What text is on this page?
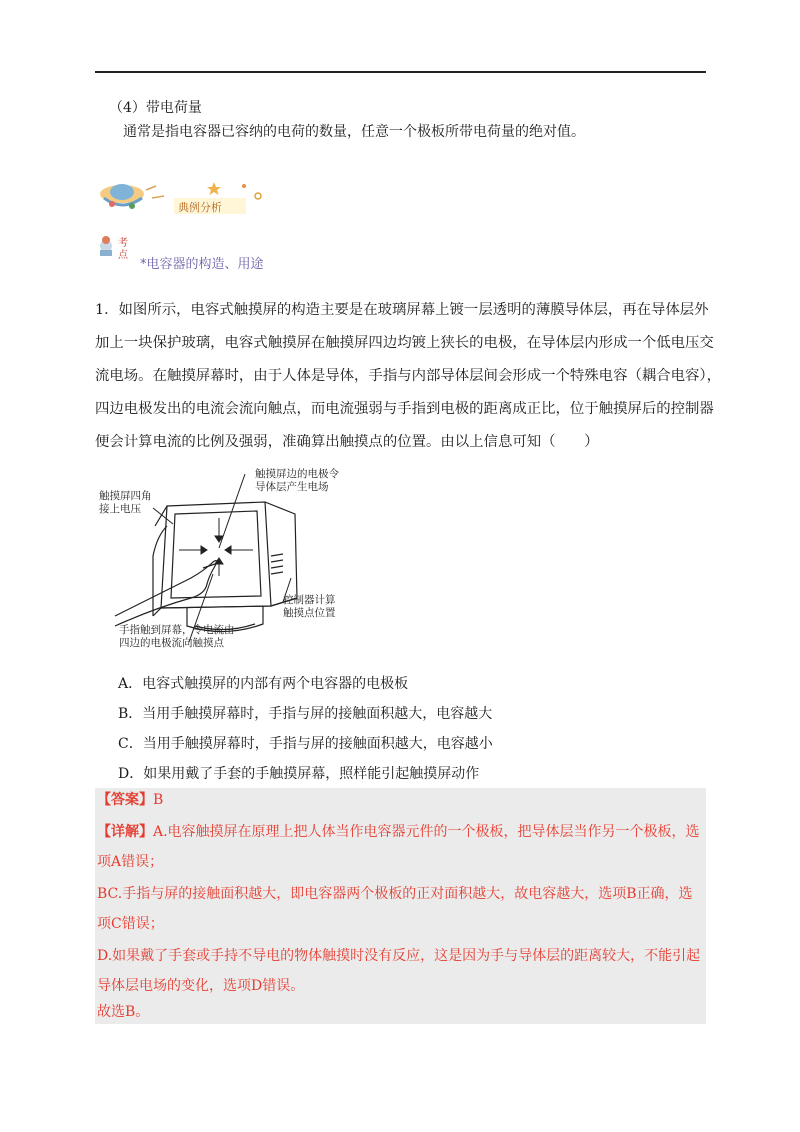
（4）带电荷量
通常是指电容器已容纳的电荷的数量，任意一个极板所带电荷量的绝对值。
典例分析
考
点
*电容器的构造、用途

1．如图所示，电容式触摸屏的构造主要是在玻璃屏幕上镀一层透明的薄膜导体层，再在导体层外

加上一块保护玻璃，电容式触摸屏在触摸屏四边均镀上狭长的电极，在导体层内形成一个低电压交

流电场。在触摸屏幕时，由于人体是导体，手指与内部导体层间会形成一个特殊电容（耦合电容），

四边电极发出的电流会流向触点，而电流强弱与手指到电极的距离成正比，位于触摸屏后的控制器

便会计算电流的比例及强弱，准确算出触摸点的位置。由以上信息可知（　　）

触摸屏边的电极令
导体层产生电场
触摸屏四角
接上电压
控制器计算
触摸点位置
手指触到屏幕，令电流由
四边的电极流向触摸点
A．电容式触摸屏的内部有两个电容器的电极板
B．当用手触摸屏幕时，手指与屏的接触面积越大，电容越大
C．当用手触摸屏幕时，手指与屏的接触面积越大，电容越小
D．如果用戴了手套的手触摸屏幕，照样能引起触摸屏动作
【答案】B
【详解】A.电容触摸屏在原理上把人体当作电容器元件的一个极板，把导体层当作另一个极板，选
项A错误；
BC.手指与屏的接触面积越大，即电容器两个极板的正对面积越大，故电容越大，选项B正确，选
项C错误；
D.如果戴了手套或手持不导电的物体触摸时没有反应，这是因为手与导体层的距离较大，不能引起
导体层电场的变化，选项D错误。
故选B。
